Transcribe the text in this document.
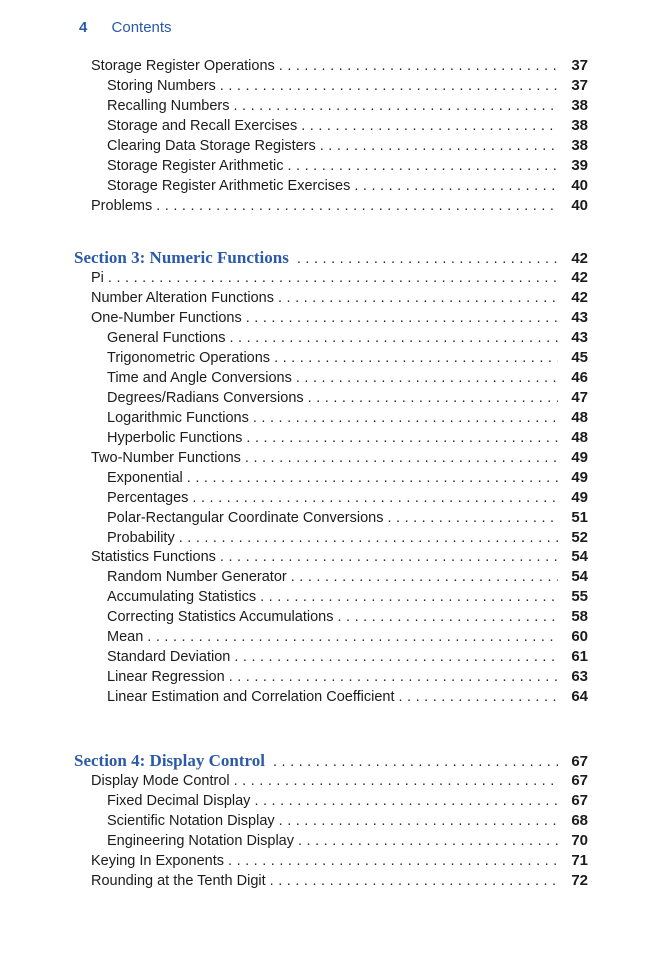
4 Contents
Storage Register Operations . . .	37
Storing Numbers . . .	37
Recalling Numbers . . .	38
Storage and Recall Exercises . . .	38
Clearing Data Storage Registers . . .	38
Storage Register Arithmetic . . .	39
Storage Register Arithmetic Exercises . . .	40
Problems . . .	40
Section 3: Numeric Functions . . .	42
Pi . . .	42
Number Alteration Functions . . .	42
One-Number Functions . . .	43
General Functions . . .	43
Trigonometric Operations . . .	45
Time and Angle Conversions . . .	46
Degrees/Radians Conversions . . .	47
Logarithmic Functions . . .	48
Hyperbolic Functions . . .	48
Two-Number Functions . . .	49
Exponential . . .	49
Percentages . . .	49
Polar-Rectangular Coordinate Conversions . . .	51
Probability . . .	52
Statistics Functions . . .	54
Random Number Generator . . .	54
Accumulating Statistics . . .	55
Correcting Statistics Accumulations . . .	58
Mean . . .	60
Standard Deviation . . .	61
Linear Regression . . .	63
Linear Estimation and Correlation Coefficient . . .	64
Section 4: Display Control . . .	67
Display Mode Control . . .	67
Fixed Decimal Display . . .	67
Scientific Notation Display . . .	68
Engineering Notation Display . . .	70
Keying In Exponents . . .	71
Rounding at the Tenth Digit . . .	72
